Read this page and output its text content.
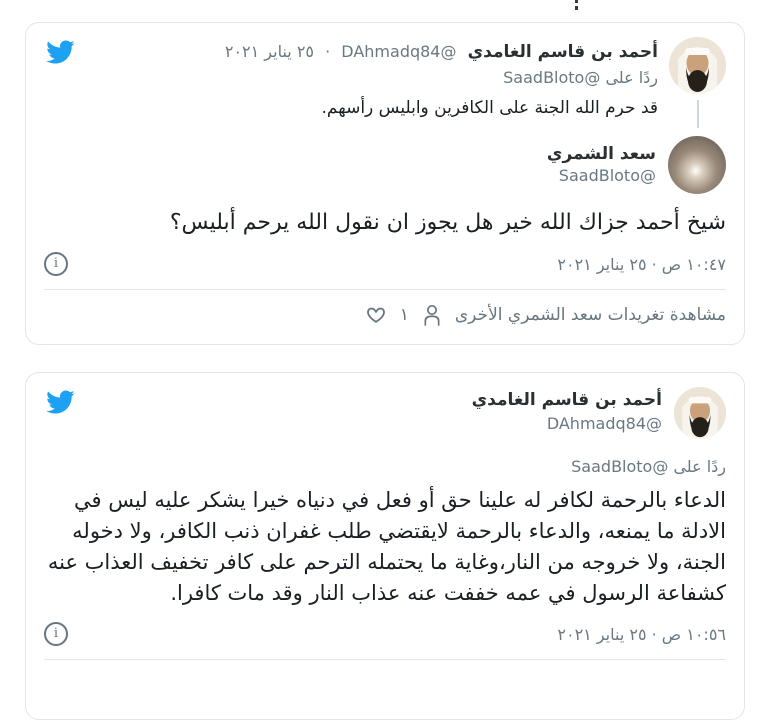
أحمد بن قاسم الغامدي @DAhmadq84 · ٢٥ يناير ٢٠٢١
ردًا على @SaadBloto
قد حرم الله الجنة على الكافرين وابليس رأسهم.
سعد الشمري
@SaadBloto
شيخ أحمد جزاك الله خير هل يجوز ان نقول الله يرحم أبليس؟
١٠:٤٧ ص · ٢٥ يناير ٢٠٢١
i
مشاهدة تغريدات سعد الشمري الأخرى
١
أحمد بن قاسم الغامدي
@DAhmadq84
ردًا على @SaadBloto
الدعاء بالرحمة لكافر له علينا حق أو فعل في دنياه خيرا يشكر عليه ليس في الادلة ما يمنعه، والدعاء بالرحمة لايقتضي طلب غفران ذنب الكافر، ولا دخوله الجنة، ولا خروجه من النار،وغاية ما يحتمله الترحم على كافر تخفيف العذاب عنه كشفاعة الرسول في عمه خففت عنه عذاب النار وقد مات كافرا.
١٠:٥٦ ص · ٢٥ يناير ٢٠٢١
i
